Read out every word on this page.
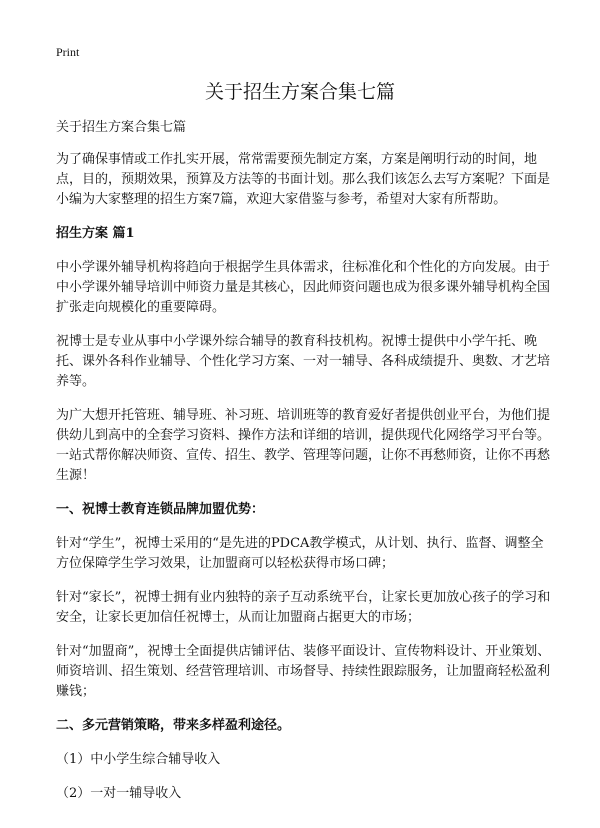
Print
关于招生方案合集七篇

关于招生方案合集七篇

为了确保事情或工作扎实开展，常常需要预先制定方案，方案是阐明行动的时间，地点，目的，预期效果，预算及方法等的书面计划。那么我们该怎么去写方案呢？下面是小编为大家整理的招生方案7篇，欢迎大家借鉴与参考，希望对大家有所帮助。

招生方案 篇1

中小学课外辅导机构将趋向于根据学生具体需求，往标准化和个性化的方向发展。由于中小学课外辅导培训中师资力量是其核心，因此师资问题也成为很多课外辅导机构全国扩张走向规模化的重要障碍。

祝博士是专业从事中小学课外综合辅导的教育科技机构。祝博士提供中小学午托、晚托、课外各科作业辅导、个性化学习方案、一对一辅导、各科成绩提升、奥数、才艺培养等。

为广大想开托管班、辅导班、补习班、培训班等的教育爱好者提供创业平台，为他们提供幼儿到高中的全套学习资料、操作方法和详细的培训，提供现代化网络学习平台等。一站式帮你解决师资、宣传、招生、教学、管理等问题，让你不再愁师资，让你不再愁生源！

一、祝博士教育连锁品牌加盟优势：

针对“学生”，祝博士采用的“是先进的PDCA教学模式，从计划、执行、监督、调整全方位保障学生学习效果，让加盟商可以轻松获得市场口碑；

针对“家长”，祝博士拥有业内独特的亲子互动系统平台，让家长更加放心孩子的学习和安全，让家长更加信任祝博士，从而让加盟商占据更大的市场；

针对“加盟商”，祝博士全面提供店铺评估、装修平面设计、宣传物料设计、开业策划、师资培训、招生策划、经营管理培训、市场督导、持续性跟踪服务，让加盟商轻松盈利赚钱；

二、多元营销策略，带来多样盈利途径。

（1）中小学生综合辅导收入

（2）一对一辅导收入
